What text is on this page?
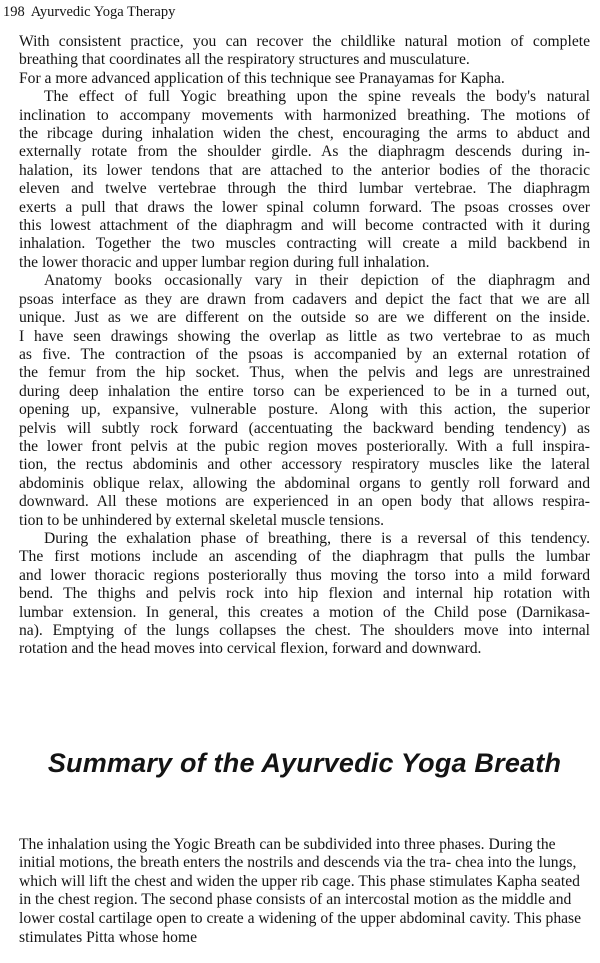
198 Ayurvedic Yoga Therapy

With consistent practice, you can recover the childlike natural motion of complete
breathing that coordinates all the respiratory structures and musculature.

For a more advanced application of this technique see Pranayamas for Kapha.

The effect of full Yogic breathing upon the spine reveals the body's natural
inclination to accompany movements with harmonized breathing. The motions of
the ribcage during inhalation widen the chest, encouraging the arms to abduct and
externally rotate from the shoulder girdle. As the diaphragm descends during in-
halation, its lower tendons that are attached to the anterior bodies of the thoracic
eleven and twelve vertebrae through the third lumbar vertebrae. The diaphragm
exerts a pull that draws the lower spinal column forward. The psoas crosses over
this lowest attachment of the diaphragm and will become contracted with it during
inhalation. Together the two muscles contracting will create a mild backbend in
the lower thoracic and upper lumbar region during full inhalation.

Anatomy books occasionally vary in their depiction of the diaphragm and
psoas interface as they are drawn from cadavers and depict the fact that we are all
unique. Just as we are different on the outside so are we different on the inside.
I have seen drawings showing the overlap as little as two vertebrae to as much
as five. The contraction of the psoas is accompanied by an external rotation of
the femur from the hip socket. Thus, when the pelvis and legs are unrestrained
during deep inhalation the entire torso can be experienced to be in a turned out,
opening up, expansive, vulnerable posture. Along with this action, the superior
pelvis will subtly rock forward (accentuating the backward bending tendency) as
the lower front pelvis at the pubic region moves posteriorally. With a full inspira-
tion, the rectus abdominis and other accessory respiratory muscles like the lateral
abdominis oblique relax, allowing the abdominal organs to gently roll forward and
downward. All these motions are experienced in an open body that allows respira-
tion to be unhindered by external skeletal muscle tensions.

During the exhalation phase of breathing, there is a reversal of this tendency.
The first motions include an ascending of the diaphragm that pulls the lumbar
and lower thoracic regions posteriorally thus moving the torso into a mild forward
bend. The thighs and pelvis rock into hip flexion and internal hip rotation with
lumbar extension. In general, this creates a motion of the Child pose (Darnikasa-
na). Emptying of the lungs collapses the chest. The shoulders move into internal
rotation and the head moves into cervical flexion, forward and downward.

Summary of the Ayurvedic Yoga Breath

The inhalation using the Yogic Breath can be subdivided into three phases. During the initial motions, the breath enters the nostrils and descends via the tra- chea into the lungs, which will lift the chest and widen the upper rib cage. This phase stimulates Kapha seated in the chest region. The second phase consists of an intercostal motion as the middle and lower costal cartilage open to create a widening of the upper abdominal cavity. This phase stimulates Pitta whose home
